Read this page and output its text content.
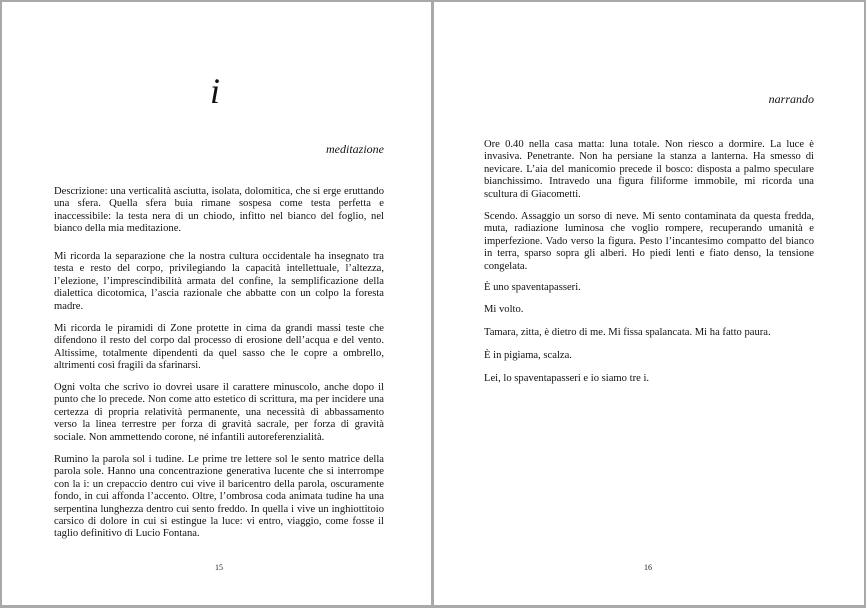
i
meditazione

Descrizione: una verticalità asciutta, isolata, dolomitica, che si erge eruttando una sfera. Quella sfera buia rimane sospesa come testa perfetta e inaccessibile: la testa nera di un chiodo, infitto nel bianco del foglio, nel bianco della mia meditazione.

Mi ricorda la separazione che la nostra cultura occidentale ha insegnato tra testa e resto del corpo, privilegiando la capacità intellettuale, l’altezza, l’elezione, l’imprescindibilità armata del confine, la semplificazione della dialettica dicotomica, l’ascia razionale che abbatte con un colpo la foresta madre.

Mi ricorda le piramidi di Zone protette in cima da grandi massi teste che difendono il resto del corpo dal processo di erosione dell’acqua e del vento. Altissime, totalmente dipendenti da quel sasso che le copre a ombrello, altrimenti così fragili da sfarinarsi.

Ogni volta che scrivo io dovrei usare il carattere minuscolo, anche dopo il punto che lo precede. Non come atto estetico di scrittura, ma per incidere una certezza di propria relatività permanente, una necessità di abbassamento verso la linea terrestre per forza di gravità sacrale, per forza di gravità sociale. Non ammettendo corone, né infantili autoreferenzialità.

Rumino la parola sol i tudine. Le prime tre lettere sol le sento matrice della parola sole. Hanno una concentrazione generativa lucente che si interrompe con la i: un crepaccio dentro cui vive il baricentro della parola, oscuramente fondo, in cui affonda l’accento. Oltre, l’ombrosa coda animata tudine ha una serpentina lunghezza dentro cui sento freddo. In quella i vive un inghiottitoio carsico di dolore in cui si estingue la luce: vi entro, viaggio, come fosse il taglio definitivo di Lucio Fontana.

15
narrando

Ore 0.40 nella casa matta: luna totale. Non riesco a dormire. La luce è invasiva. Penetrante. Non ha persiane la stanza a lanterna. Ha smesso di nevicare. L’aia del manicomio precede il bosco: disposta a palmo speculare bianchissimo. Intravedo una figura filiforme immobile, mi ricorda una scultura di Giacometti.

Scendo. Assaggio un sorso di neve. Mi sento contaminata da questa fredda, muta, radiazione luminosa che voglio rompere, recuperando umanità e imperfezione. Vado verso la figura. Pesto l’incantesimo compatto del bianco in terra, sparso sopra gli alberi. Ho piedi lenti e fiato denso, la tensione congelata.

È uno spaventapasseri.

Mi volto.

Tamara, zitta, è dietro di me. Mi fissa spalancata. Mi ha fatto paura.

È in pigiama, scalza.

Lei, lo spaventapasseri e io siamo tre i.

16
